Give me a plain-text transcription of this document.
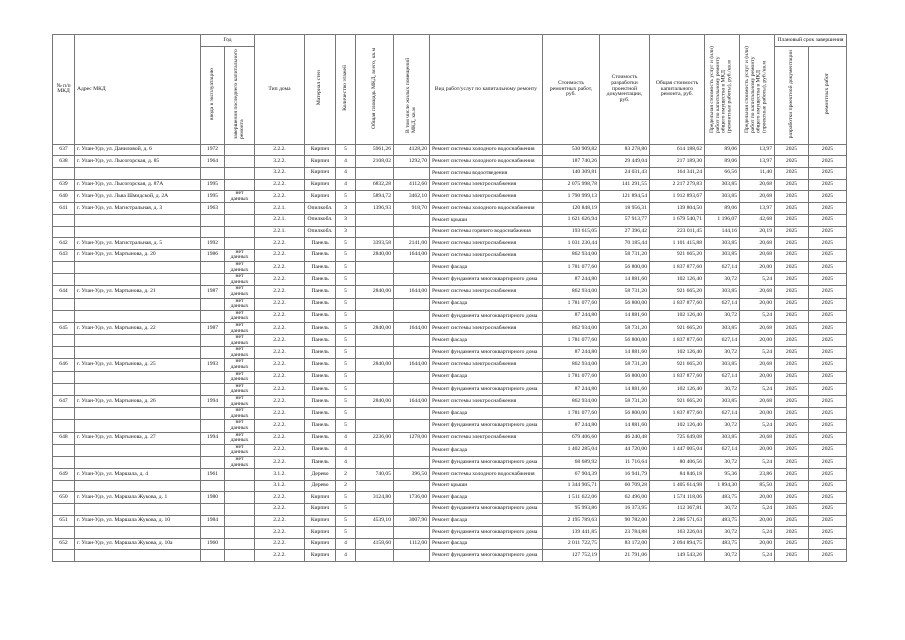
№ п/п МКД	Адрес МКД	Год		Тип дома	Материал стен	Количество этажей	Общая площадь МКД, всего, кв.м	В том числе жилых помещений МКД, кв.м	Вид работ/услуг по капитальному ремонту	Стоимость ремонтных работ, руб.	Стоимость разработки проектной документации, руб.	Общая стоимость капитального ремонта, руб.	Предельная стоимость услуг и (или) работ по капитальному ремонту общего имущества в МКД (ремонтные работы), руб./кв.м	Предельная стоимость услуг и (или) работ по капитальному ремонту общего имущества в МКД (проектные работы), руб./кв.м	Плановый срок завершения	
		ввода в эксплуатацию	завершения последнего капитального ремонта												разработки проектной документации	ремонтных работ
637	г. Улан-Удэ, ул. Даниловой, д. 6	1972		2.2.2.	Кирпич	5	5961,26	4128,20	Ремонт системы холодного водоснабжения	530 909,82	83 278,80	614 188,62	89,06	13,97	2025	2025
638	г. Улан-Удэ, ул. Лысогорская, д. 85	1964		3.2.2.	Кирпич	4	2108,02	1292,70	Ремонт системы холодного водоснабжения	187 740,26	29 449,04	217 189,30	89,06	13,97	2025	2025
				3.2.2.	Кирпич	4			Ремонт системы водоотведения	140 309,81	24 031,43	164 341,24	66,56	11,40	2025	2025
639	г. Улан-Удэ, ул. Лысогорская, д. 87А	1995		2.2.2.	Кирпич	4	6832,28	4112,60	Ремонт системы электроснабжения	2 075 998,78	141 291,55	2 217 279,83	303,85	20,68	2025	2025
640	г. Улан-Удэ, ул. Льва Шмидской, д. 2А	1995	нет данных	2.2.2.	Кирпич	5	5894,72	3462,10	Ремонт системы электроснабжения	1 790 999,13	121 894,54	1 912 893,67	303,85	20,68	2025	2025
641	г. Улан-Удэ, ул. Магистральная, д. 3	1963		2.2.1.	Опилкобл.	3	1396,93	918,70	Ремонт системы холодного водоснабжения	120 848,19	18 956,31	139 804,50	89,06	13,97	2025	2025
				2.2.1.	Опилкобл.	3			Ремонт крыши	1 621 626,94	57 913,77	1 679 540,71	1 196,07	42,68	2025	2025
				2.2.1.	Опилкобл.	3			Ремонт системы горячего водоснабжения	193 615,05	27 396,42	223 011,45	144,16	20,19	2025	2025
642	г. Улан-Удэ, ул. Магистральная, д. 5	1992		2.2.2.	Панель	5	3393,58	2141,00	Ремонт системы электроснабжения	1 031 230,44	70 185,44	1 101 415,88	303,85	20,68	2025	2025
643	г. Улан-Удэ, ул. Мартынова, д. 20	1986	нет данных	2.2.2.	Панель	5	2840,00	1644,00	Ремонт системы электроснабжения	862 934,00	58 731,20	921 665,20	303,85	20,68	2025	2025
			нет данных	2.2.2.	Панель	5			Ремонт фасада	1 781 077,60	56 800,00	1 837 877,60	627,14	20,00	2025	2025
			нет данных	2.2.2.	Панель	5			Ремонт фундамента многоквартирного дома	87 244,80	14 881,60	102 126,40	30,72	5,24	2025	2025
644	г. Улан-Удэ, ул. Мартынова, д. 21	1987	нет данных	2.2.2.	Панель	5	2840,00	1644,00	Ремонт системы электроснабжения	862 934,00	58 731,20	921 665,20	303,85	20,68	2025	2025
			нет данных	2.2.2.	Панель	5			Ремонт фасада	1 781 077,60	56 800,00	1 837 877,60	627,14	20,00	2025	2025
			нет данных	2.2.2.	Панель	5			Ремонт фундамента многоквартирного дома	87 244,80	14 881,60	102 126,40	30,72	5,24	2025	2025
645	г. Улан-Удэ, ул. Мартынова, д. 22	1987	нет данных	2.2.2.	Панель	5	2840,00	1644,00	Ремонт системы электроснабжения	862 934,00	58 731,20	921 665,20	303,85	20,68	2025	2025
			нет данных	2.2.2.	Панель	5			Ремонт фасада	1 781 077,60	56 800,00	1 837 877,60	627,14	20,00	2025	2025
			нет данных	2.2.2.	Панель	5			Ремонт фундамента многоквартирного дома	87 244,80	14 881,60	102 126,40	30,72	5,24	2025	2025
646	г. Улан-Удэ, ул. Мартынова, д. 25	1993	нет данных	2.2.2.	Панель	5	2840,00	1644,00	Ремонт системы электроснабжения	862 934,00	58 731,20	921 665,20	303,85	20,68	2025	2025
			нет данных	2.2.2.	Панель	5			Ремонт фасада	1 781 077,60	56 800,00	1 837 877,60	627,14	20,00	2025	2025
			нет данных	2.2.2.	Панель	5			Ремонт фундамента многоквартирного дома	87 244,80	14 881,60	102 126,40	30,72	5,24	2025	2025
647	г. Улан-Удэ, ул. Мартынова, д. 26	1994	нет данных	2.2.2.	Панель	5	2840,00	1644,00	Ремонт системы электроснабжения	862 934,00	58 731,20	921 665,20	303,85	20,68	2025	2025
			нет данных	2.2.2.	Панель	5			Ремонт фасада	1 781 077,60	56 800,00	1 837 877,60	627,14	20,00	2025	2025
			нет данных	2.2.2.	Панель	5			Ремонт фундамента многоквартирного дома	87 244,80	14 881,60	102 126,40	30,72	5,24	2025	2025
648	г. Улан-Удэ, ул. Мартынова, д. 27	1994	нет данных	2.2.2.	Панель	4	2236,00	1278,00	Ремонт системы электроснабжения	679 406,60	46 240,48	725 649,08	303,85	20,68	2025	2025
			нет данных	2.2.2.	Панель	4			Ремонт фасада	1 402 285,04	44 720,00	1 447 005,04	627,14	20,00	2025	2025
			нет данных	2.2.2.	Панель	4			Ремонт фундамента многоквартирного дома	68 689,92	11 716,64	80 406,56	30,72	5,24	2025	2025
649	г. Улан-Удэ, ул. Маршала, д. 4	1961		3.1.2.	Дерево	2	740,05	396,50	Ремонт системы холодного водоснабжения	67 904,39	16 941,79	84 846,18	95,36	23,86	2025	2025
				3.1.2.	Дерево	2			Ремонт крыши	1 344 905,71	60 709,28	1 405 614,98	1 894,30	85,50	2025	2025
650	г. Улан-Удэ, ул. Маршала Жукова, д. 1	1980		2.2.2.	Кирпич	5	3124,80	1736,00	Ремонт фасада	1 511 622,06	62 496,00	1 574 118,06	483,75	20,00	2025	2025
				2.2.2.	Кирпич	5			Ремонт фундамента многоквартирного дома	95 993,86	16 373,95	112 367,81	30,72	5,24	2025	2025
651	г. Улан-Удэ, ул. Маршала Жукова, д. 10	1984		2.2.2.	Кирпич	5	4539,10	3007,90	Ремонт фасада	2 195 789,63	90 782,00	2 286 571,63	483,75	20,00	2025	2025
				2.2.2.	Кирпич	5			Ремонт фундамента многоквартирного дома	139 441,85	23 784,88	163 226,04	30,72	5,24	2025	2025
652	г. Улан-Удэ, ул. Маршала Жукова, д. 10а	1960		2.2.2.	Кирпич	4	4158,60	1112,00	Ремонт фасада	2 011 722,75	83 172,00	2 094 894,75	483,75	20,00	2025	2025
				2.2.2.	Кирпич	4			Ремонт фундамента многоквартирного дома	127 752,19	21 791,06	149 543,26	30,72	5,24	2025	2025
